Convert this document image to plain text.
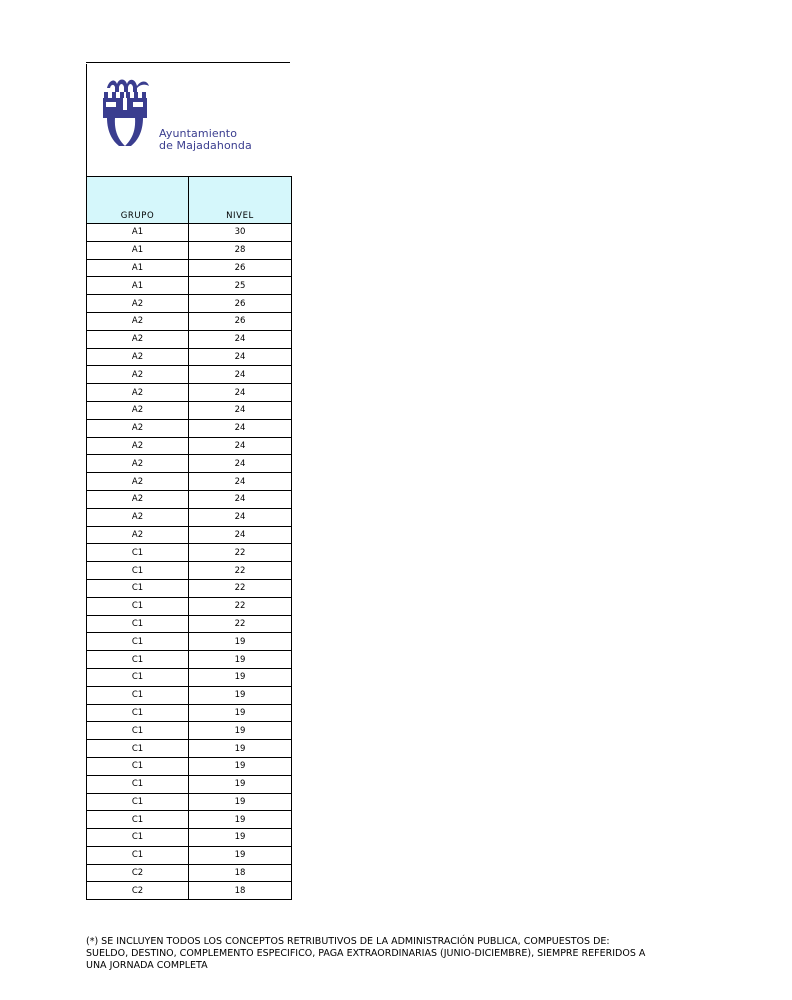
Ayuntamiento
de Majadahonda
GRUPO	NIVEL
A1	30
A1	28
A1	26
A1	25
A2	26
A2	26
A2	24
A2	24
A2	24
A2	24
A2	24
A2	24
A2	24
A2	24
A2	24
A2	24
A2	24
A2	24
C1	22
C1	22
C1	22
C1	22
C1	22
C1	19
C1	19
C1	19
C1	19
C1	19
C1	19
C1	19
C1	19
C1	19
C1	19
C1	19
C1	19
C1	19
C2	18
C2	18
(*) SE INCLUYEN TODOS LOS CONCEPTOS RETRIBUTIVOS DE LA ADMINISTRACIÓN PUBLICA, COMPUESTOS DE:
SUELDO, DESTINO, COMPLEMENTO ESPECIFICO, PAGA EXTRAORDINARIAS (JUNIO-DICIEMBRE), SIEMPRE REFERIDOS A
UNA JORNADA COMPLETA
